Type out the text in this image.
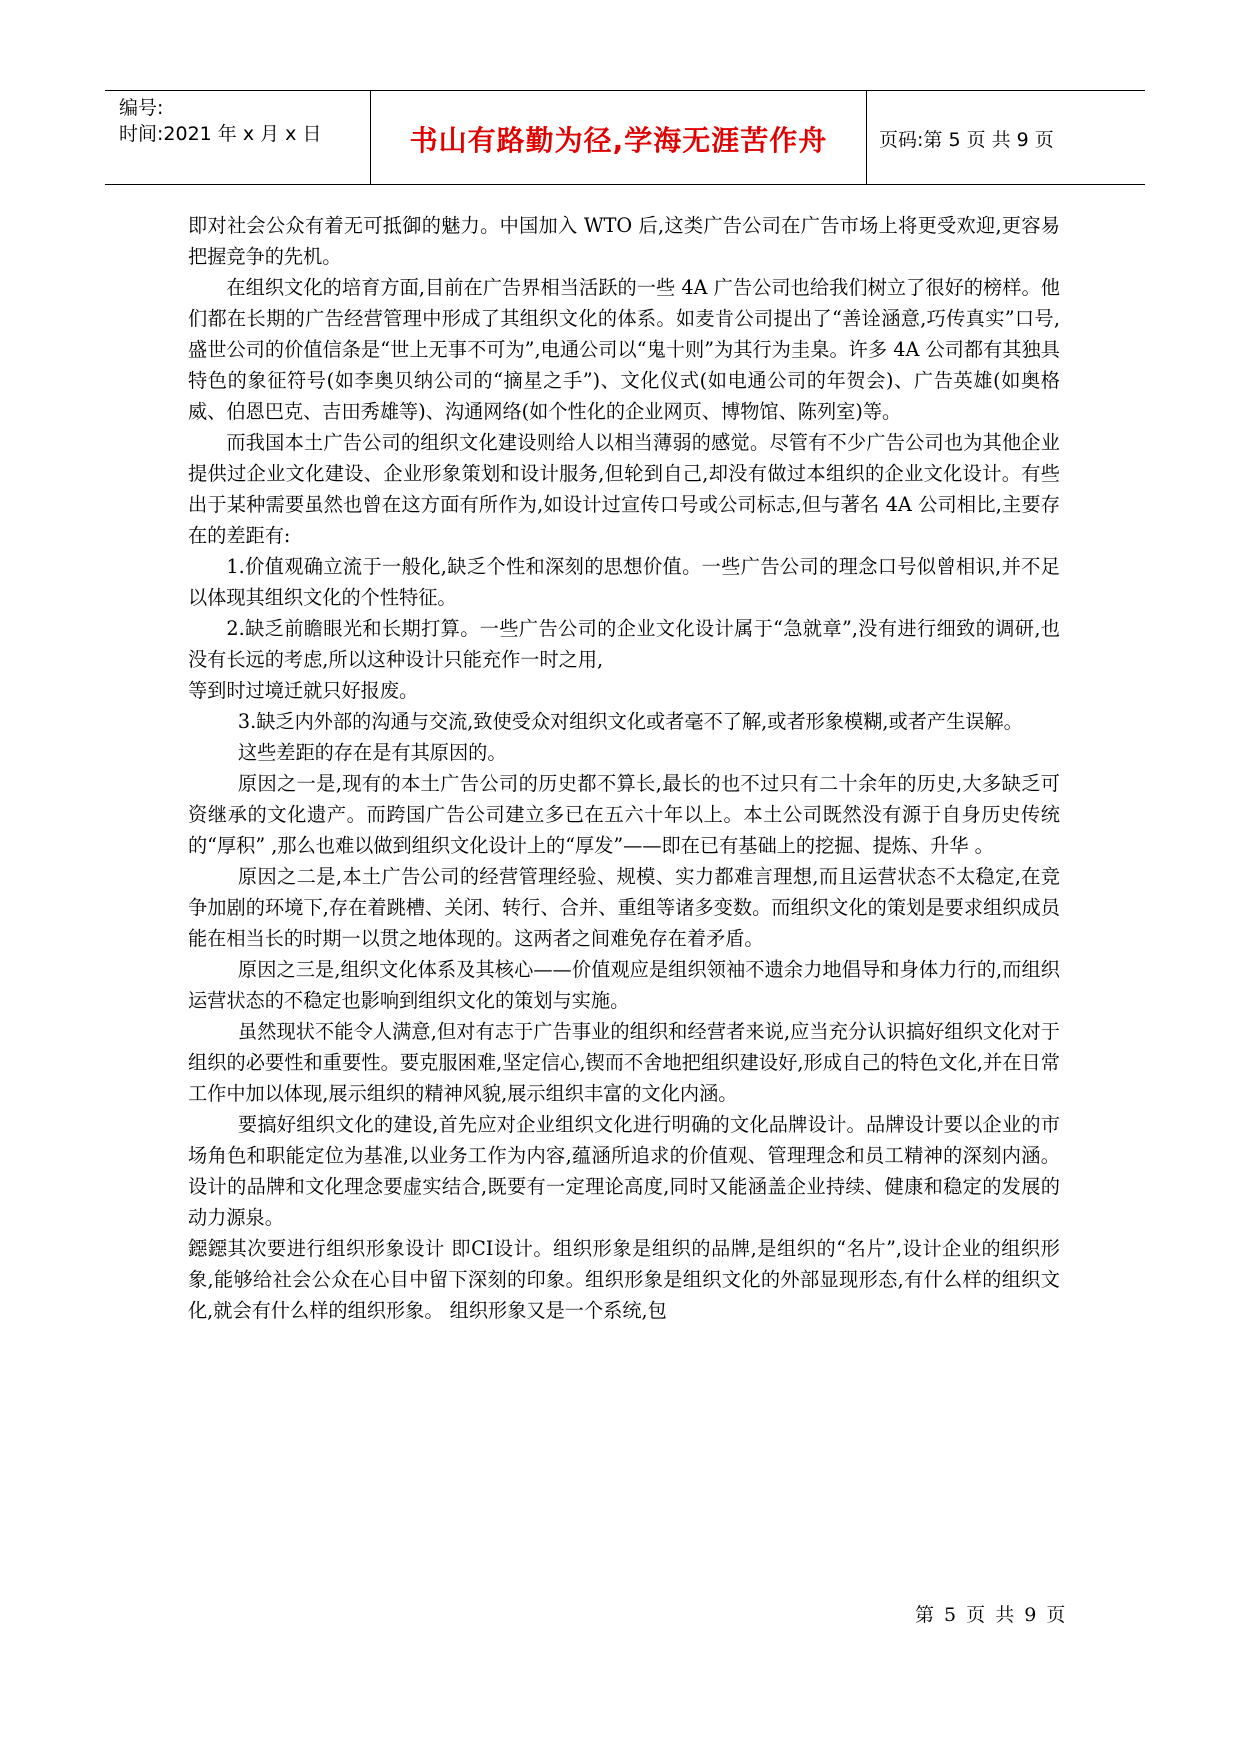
编号:
时间:2021 年 x 月 x 日	书山有路勤为径,学海无涯苦作舟	页码:第 5 页 共 9 页

即对社会公众有着无可抵御的魅力。中国加入 WTO 后,这类广告公司在广告市场上将更受欢迎,更容易把握竞争的先机。

在组织文化的培育方面,目前在广告界相当活跃的一些 4A 广告公司也给我们树立了很好的榜样。他们都在长期的广告经营管理中形成了其组织文化的体系。如麦肯公司提出了“善诠涵意,巧传真实”口号,盛世公司的价值信条是“世上无事不可为”,电通公司以“鬼十则”为其行为圭臬。许多 4A 公司都有其独具特色的象征符号(如李奥贝纳公司的“摘星之手”)、文化仪式(如电通公司的年贺会)、广告英雄(如奥格威、伯恩巴克、吉田秀雄等)、沟通网络(如个性化的企业网页、博物馆、陈列室)等。

而我国本土广告公司的组织文化建设则给人以相当薄弱的感觉。尽管有不少广告公司也为其他企业提供过企业文化建设、企业形象策划和设计服务,但轮到自己,却没有做过本组织的企业文化设计。有些出于某种需要虽然也曾在这方面有所作为,如设计过宣传口号或公司标志,但与著名 4A 公司相比,主要存在的差距有:

1.价值观确立流于一般化,缺乏个性和深刻的思想价值。一些广告公司的理念口号似曾相识,并不足以体现其组织文化的个性特征。

2.缺乏前瞻眼光和长期打算。一些广告公司的企业文化设计属于“急就章”,没有进行细致的调研,也没有长远的考虑,所以这种设计只能充作一时之用,

等到时过境迁就只好报废。

3.缺乏内外部的沟通与交流,致使受众对组织文化或者毫不了解,或者形象模糊,或者产生误解。

这些差距的存在是有其原因的。

原因之一是,现有的本土广告公司的历史都不算长,最长的也不过只有二十余年的历史,大多缺乏可资继承的文化遗产。而跨国广告公司建立多已在五六十年以上。本土公司既然没有源于自身历史传统的“厚积” ,那么也难以做到组织文化设计上的“厚发”——即在已有基础上的挖掘、提炼、升华 。

原因之二是,本土广告公司的经营管理经验、规模、实力都难言理想,而且运营状态不太稳定,在竞争加剧的环境下,存在着跳槽、关闭、转行、合并、重组等诸多变数。而组织文化的策划是要求组织成员能在相当长的时期一以贯之地体现的。这两者之间难免存在着矛盾。

原因之三是,组织文化体系及其核心——价值观应是组织领袖不遗余力地倡导和身体力行的,而组织运营状态的不稳定也影响到组织文化的策划与实施。

虽然现状不能令人满意,但对有志于广告事业的组织和经营者来说,应当充分认识搞好组织文化对于组织的必要性和重要性。要克服困难,坚定信心,锲而不舍地把组织建设好,形成自己的特色文化,并在日常工作中加以体现,展示组织的精神风貌,展示组织丰富的文化内涵。

要搞好组织文化的建设,首先应对企业组织文化进行明确的文化品牌设计。品牌设计要以企业的市场角色和职能定位为基准,以业务工作为内容,蕴涵所追求的价值观、管理理念和员工精神的深刻内涵。设计的品牌和文化理念要虚实结合,既要有一定理论高度,同时又能涵盖企业持续、健康和稳定的发展的动力源泉。

鐚鐚其次要进行组织形象设计 即CI设计。组织形象是组织的品牌,是组织的“名片”,设计企业的组织形象,能够给社会公众在心目中留下深刻的印象。组织形象是组织文化的外部显现形态,有什么样的组织文化,就会有什么样的组织形象。 组织形象又是一个系统,包

第 5 页 共 9 页
